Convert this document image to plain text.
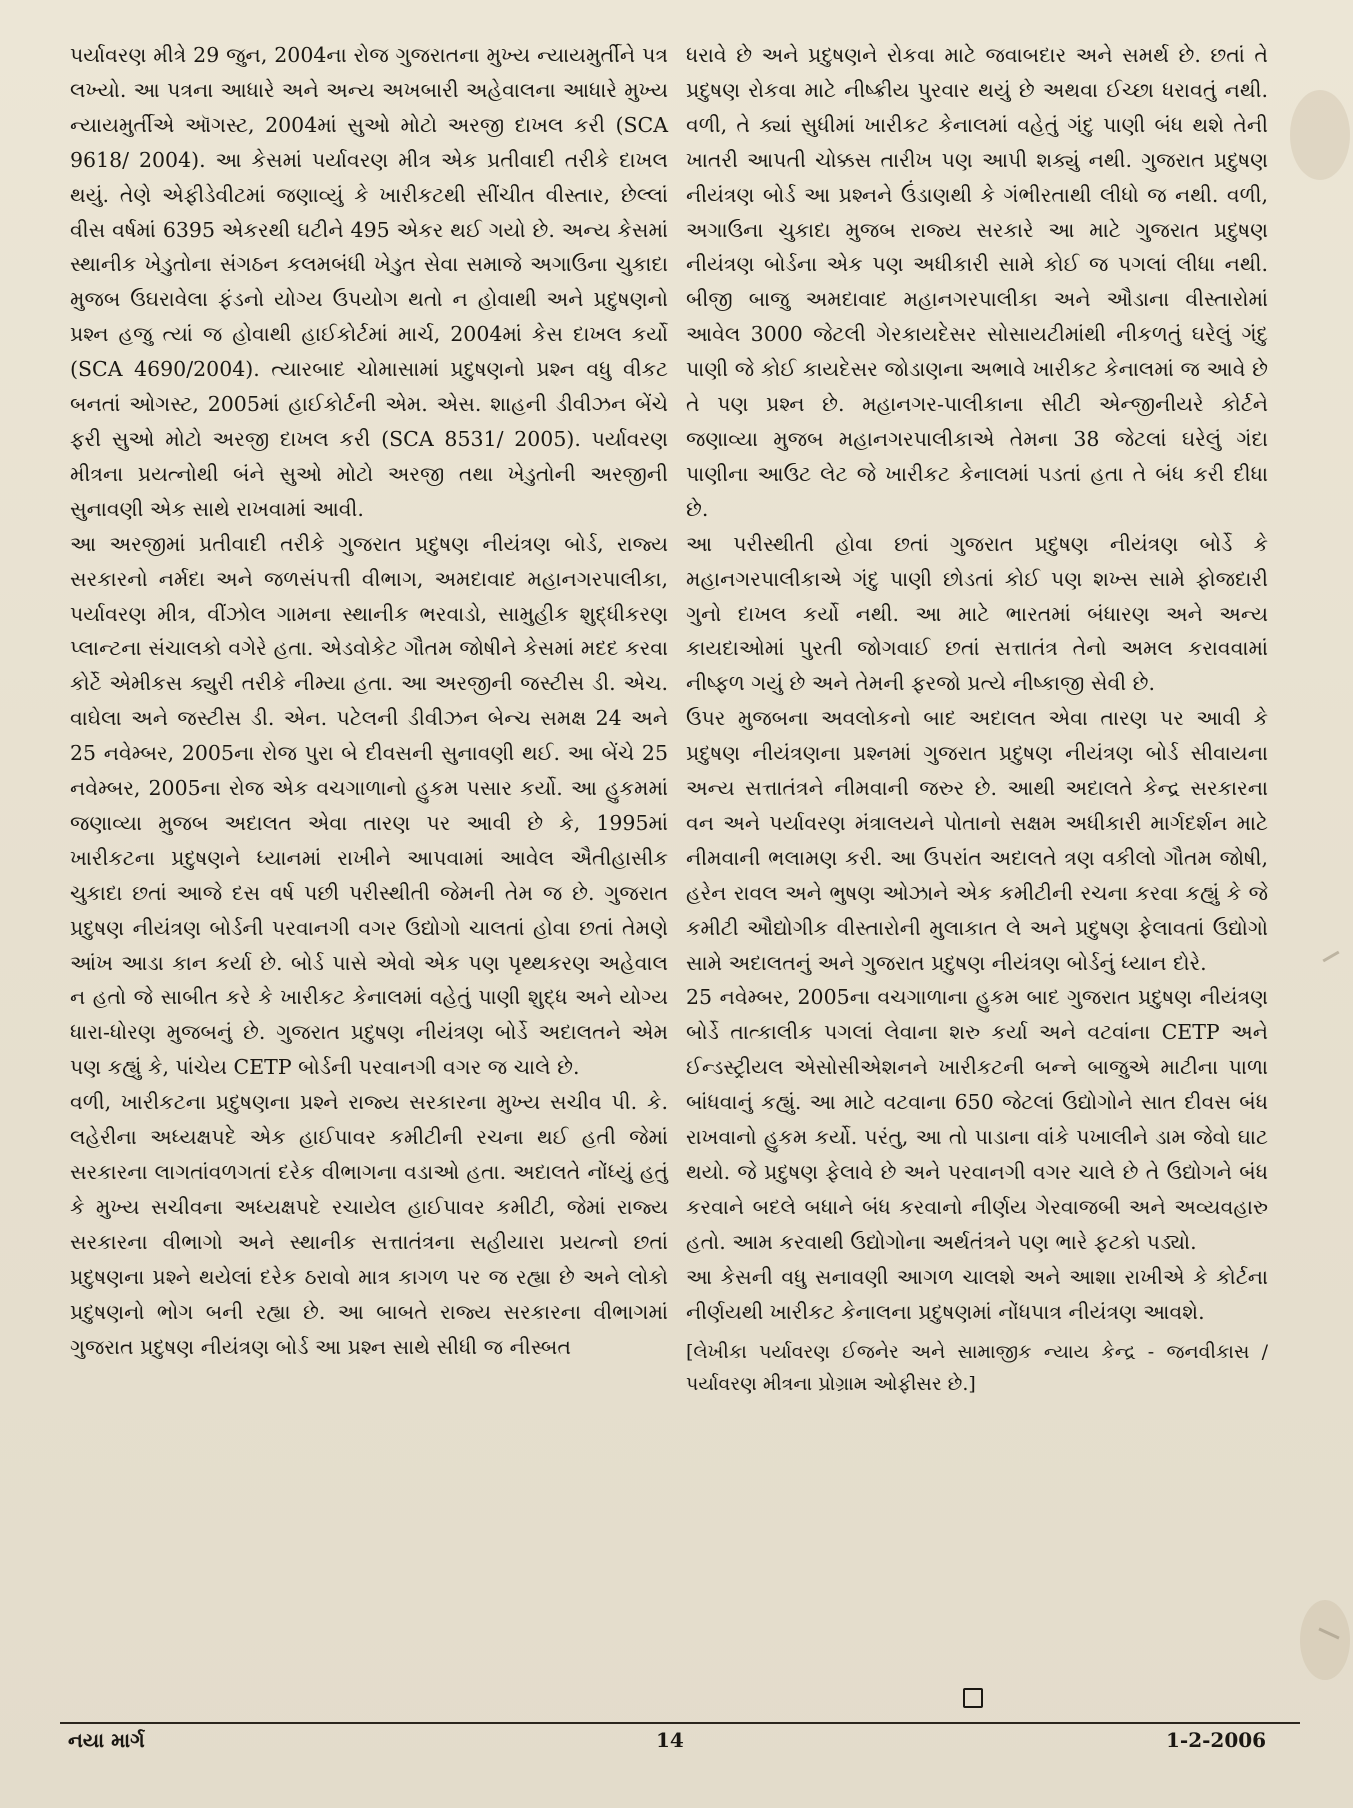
પર્યાવરણ મીત્રે 29 જુન, 2004ના રોજ ગુજરાતના મુખ્ય ન્યાયમુર્તીને પત્ર લખ્યો. આ પત્રના આધારે અને અન્ય અખબારી અહેવાલના આધારે મુખ્ય ન્યાયમુર્તીએ ઑગસ્ટ, 2004માં સુઓ મોટો અરજી દાખલ કરી (SCA 9618/ 2004). આ કેસમાં પર્યાવરણ મીત્ર એક પ્રતીવાદી તરીકે દાખલ થયું. તેણે એફીડેવીટમાં જણાવ્યું કે ખારીકટથી સીંચીત વીસ્તાર, છેલ્લાં વીસ વર્ષમાં 6395 એકરથી ઘટીને 495 એકર થઈ ગયો છે. અન્ય કેસમાં સ્થાનીક ખેડુતોના સંગઠન કલમબંધી ખેડુત સેવા સમાજે અગાઉના ચુકાદા મુજબ ઉઘરાવેલા ફંડનો યોગ્ય ઉપયોગ થતો ન હોવાથી અને પ્રદુષણનો પ્રશ્ન હજુ ત્યાં જ હોવાથી હાઈકોર્ટમાં માર્ચ, 2004માં કેસ દાખલ કર્યો (SCA 4690/2004). ત્યારબાદ ચોમાસામાં પ્રદુષણનો પ્રશ્ન વધુ વીકટ બનતાં ઓગસ્ટ, 2005માં હાઈકોર્ટની એમ. એસ. શાહની ડીવીઝન બેંચે ફરી સુઓ મોટો અરજી દાખલ કરી (SCA 8531/ 2005). પર્યાવરણ મીત્રના પ્રયત્નોથી બંને સુઓ મોટો અરજી તથા ખેડુતોની અરજીની સુનાવણી એક સાથે રાખવામાં આવી.

આ અરજીમાં પ્રતીવાદી તરીકે ગુજરાત પ્રદુષણ નીયંત્રણ બોર્ડ, રાજ્ય સરકારનો નર્મદા અને જળસંપત્તી વીભાગ, અમદાવાદ મહાનગરપાલીકા, પર્યાવરણ મીત્ર, વીંઝોલ ગામના સ્થાનીક ભરવાડો, સામુહીક શુદ્ધીકરણ પ્લાન્ટના સંચાલકો વગેરે હતા. એડવોકેટ ગૌતમ જોષીને કેસમાં મદદ કરવા કોર્ટે એમીકસ ક્યુરી તરીકે નીમ્યા હતા. આ અરજીની જસ્ટીસ ડી. એચ. વાઘેલા અને જસ્ટીસ ડી. એન. પટેલની ડીવીઝન બેન્ચ સમક્ષ 24 અને 25 નવેમ્બર, 2005ના રોજ પુરા બે દીવસની સુનાવણી થઈ. આ બેંચે 25 નવેમ્બર, 2005ના રોજ એક વચગાળાનો હુકમ પસાર કર્યો. આ હુકમમાં જણાવ્યા મુજબ અદાલત એવા તારણ પર આવી છે કે, 1995માં ખારીકટના પ્રદુષણને ધ્યાનમાં રાખીને આપવામાં આવેલ ઐતીહાસીક ચુકાદા છતાં આજે દસ વર્ષ પછી પરીસ્થીતી જેમની તેમ જ છે. ગુજરાત પ્રદુષણ નીયંત્રણ બોર્ડની પરવાનગી વગર ઉદ્યોગો ચાલતાં હોવા છતાં તેમણે આંખ આડા કાન કર્યા છે. બોર્ડ પાસે એવો એક પણ પૃથ્થકરણ અહેવાલ ન હતો જે સાબીત કરે કે ખારીકટ કેનાલમાં વહેતું પાણી શુદ્ધ અને યોગ્ય ધારા-ધોરણ મુજબનું છે. ગુજરાત પ્રદુષણ નીયંત્રણ બોર્ડે અદાલતને એમ પણ કહ્યું કે, પાંચેય CETP બોર્ડની પરવાનગી વગર જ ચાલે છે.

વળી, ખારીકટના પ્રદુષણના પ્રશ્ને રાજ્ય સરકારના મુખ્ય સચીવ પી. કે. લહેરીના અધ્યક્ષપદે એક હાઈપાવર કમીટીની રચના થઈ હતી જેમાં સરકારના લાગતાંવળગતાં દરેક વીભાગના વડાઓ હતા. અદાલતે નોંધ્યું હતું કે મુખ્ય સચીવના અધ્યક્ષપદે રચાયેલ હાઈપાવર કમીટી, જેમાં રાજ્ય સરકારના વીભાગો અને સ્થાનીક સત્તાતંત્રના સહીયારા પ્રયત્નો છતાં પ્રદુષણના પ્રશ્ને થયેલાં દરેક ઠરાવો માત્ર કાગળ પર જ રહ્યા છે અને લોકો પ્રદુષણનો ભોગ બની રહ્યા છે. આ બાબતે રાજ્ય સરકારના વીભાગમાં ગુજરાત પ્રદુષણ નીયંત્રણ બોર્ડ આ પ્રશ્ન સાથે સીધી જ નીસ્બત

ધરાવે છે અને પ્રદુષણને રોકવા માટે જવાબદાર અને સમર્થ છે. છતાં તે પ્રદુષણ રોકવા માટે નીષ્ક્રીય પુરવાર થયું છે અથવા ઈચ્છા ધરાવતું નથી. વળી, તે ક્યાં સુધીમાં ખારીકટ કેનાલમાં વહેતું ગંદુ પાણી બંધ થશે તેની ખાતરી આપતી ચોક્કસ તારીખ પણ આપી શક્યું નથી. ગુજરાત પ્રદુષણ નીયંત્રણ બોર્ડ આ પ્રશ્નને ઉંડાણથી કે ગંભીરતાથી લીધો જ નથી. વળી, અગાઉના ચુકાદા મુજબ રાજ્ય સરકારે આ માટે ગુજરાત પ્રદુષણ નીયંત્રણ બોર્ડના એક પણ અધીકારી સામે કોઈ જ પગલાં લીધા નથી. બીજી બાજુ અમદાવાદ મહાનગરપાલીકા અને ઔડાના વીસ્તારોમાં આવેલ 3000 જેટલી ગેરકાયદેસર સોસાયટીમાંથી નીકળતું ઘરેલું ગંદુ પાણી જે કોઈ કાયદેસર જોડાણના અભાવે ખારીકટ કેનાલમાં જ આવે છે તે પણ પ્રશ્ન છે. મહાનગર-પાલીકાના સીટી એન્જીનીયરે કોર્ટને જણાવ્યા મુજબ મહાનગરપાલીકાએ તેમના 38 જેટલાં ઘરેલું ગંદા પાણીના આઉટ લેટ જે ખારીકટ કેનાલમાં પડતાં હતા તે બંધ કરી દીધા છે.

આ પરીસ્થીતી હોવા છતાં ગુજરાત પ્રદુષણ નીયંત્રણ બોર્ડે કે મહાનગરપાલીકાએ ગંદુ પાણી છોડતાં કોઈ પણ શખ્સ સામે ફોજદારી ગુનો દાખલ કર્યો નથી. આ માટે ભારતમાં બંધારણ અને અન્ય કાયદાઓમાં પુરતી જોગવાઈ છતાં સત્તાતંત્ર તેનો અમલ કરાવવામાં નીષ્ફળ ગયું છે અને તેમની ફરજો પ્રત્યે નીષ્કાજી સેવી છે.

ઉપર મુજબના અવલોકનો બાદ અદાલત એવા તારણ પર આવી કે પ્રદુષણ નીયંત્રણના પ્રશ્નમાં ગુજરાત પ્રદુષણ નીયંત્રણ બોર્ડ સીવાયના અન્ય સત્તાતંત્રને નીમવાની જરુર છે. આથી અદાલતે કેન્દ્ર સરકારના વન અને પર્યાવરણ મંત્રાલયને પોતાનો સક્ષમ અધીકારી માર્ગદર્શન માટે નીમવાની ભલામણ કરી. આ ઉપરાંત અદાલતે ત્રણ વકીલો ગૌતમ જોષી, હરેન રાવલ અને ભુષણ ઓઝાને એક કમીટીની રચના કરવા કહ્યું કે જે કમીટી ઔદ્યોગીક વીસ્તારોની મુલાકાત લે અને પ્રદુષણ ફેલાવતાં ઉદ્યોગો સામે અદાલતનું અને ગુજરાત પ્રદુષણ નીયંત્રણ બોર્ડનું ધ્યાન દોરે.

25 નવેમ્બર, 2005ના વચગાળાના હુકમ બાદ ગુજરાત પ્રદુષણ નીયંત્રણ બોર્ડે તાત્કાલીક પગલાં લેવાના શરુ કર્યા અને વટવાંના CETP અને ઈન્ડસ્ટ્રીયલ એસોસીએશનને ખારીકટની બન્ને બાજુએ માટીના પાળા બાંધવાનું કહ્યું. આ માટે વટવાના 650 જેટલાં ઉદ્યોગોને સાત દીવસ બંધ રાખવાનો હુકમ કર્યો. પરંતુ, આ તો પાડાના વાંકે પખાલીને ડામ જેવો ઘાટ થયો. જે પ્રદુષણ ફેલાવે છે અને પરવાનગી વગર ચાલે છે તે ઉદ્યોગને બંધ કરવાને બદલે બધાને બંધ કરવાનો નીર્ણય ગેરવાજબી અને અવ્યવહારુ હતો. આમ કરવાથી ઉદ્યોગોના અર્થતંત્રને પણ ભારે ફટકો પડ્યો.

આ કેસની વધુ સનાવણી આગળ ચાલશે અને આશા રાખીએ કે કોર્ટના નીર્ણયથી ખારીકટ કેનાલના પ્રદુષણમાં નોંધપાત્ર નીયંત્રણ આવશે.

[લેખીકા પર્યાવરણ ઈજનેર અને સામાજીક ન્યાય કેન્દ્ર - જનવીકાસ / પર્યાવરણ મીત્રના પ્રોગ્રામ ઓફીસર છે.]

નયા માર્ગ	14	1-2-2006
